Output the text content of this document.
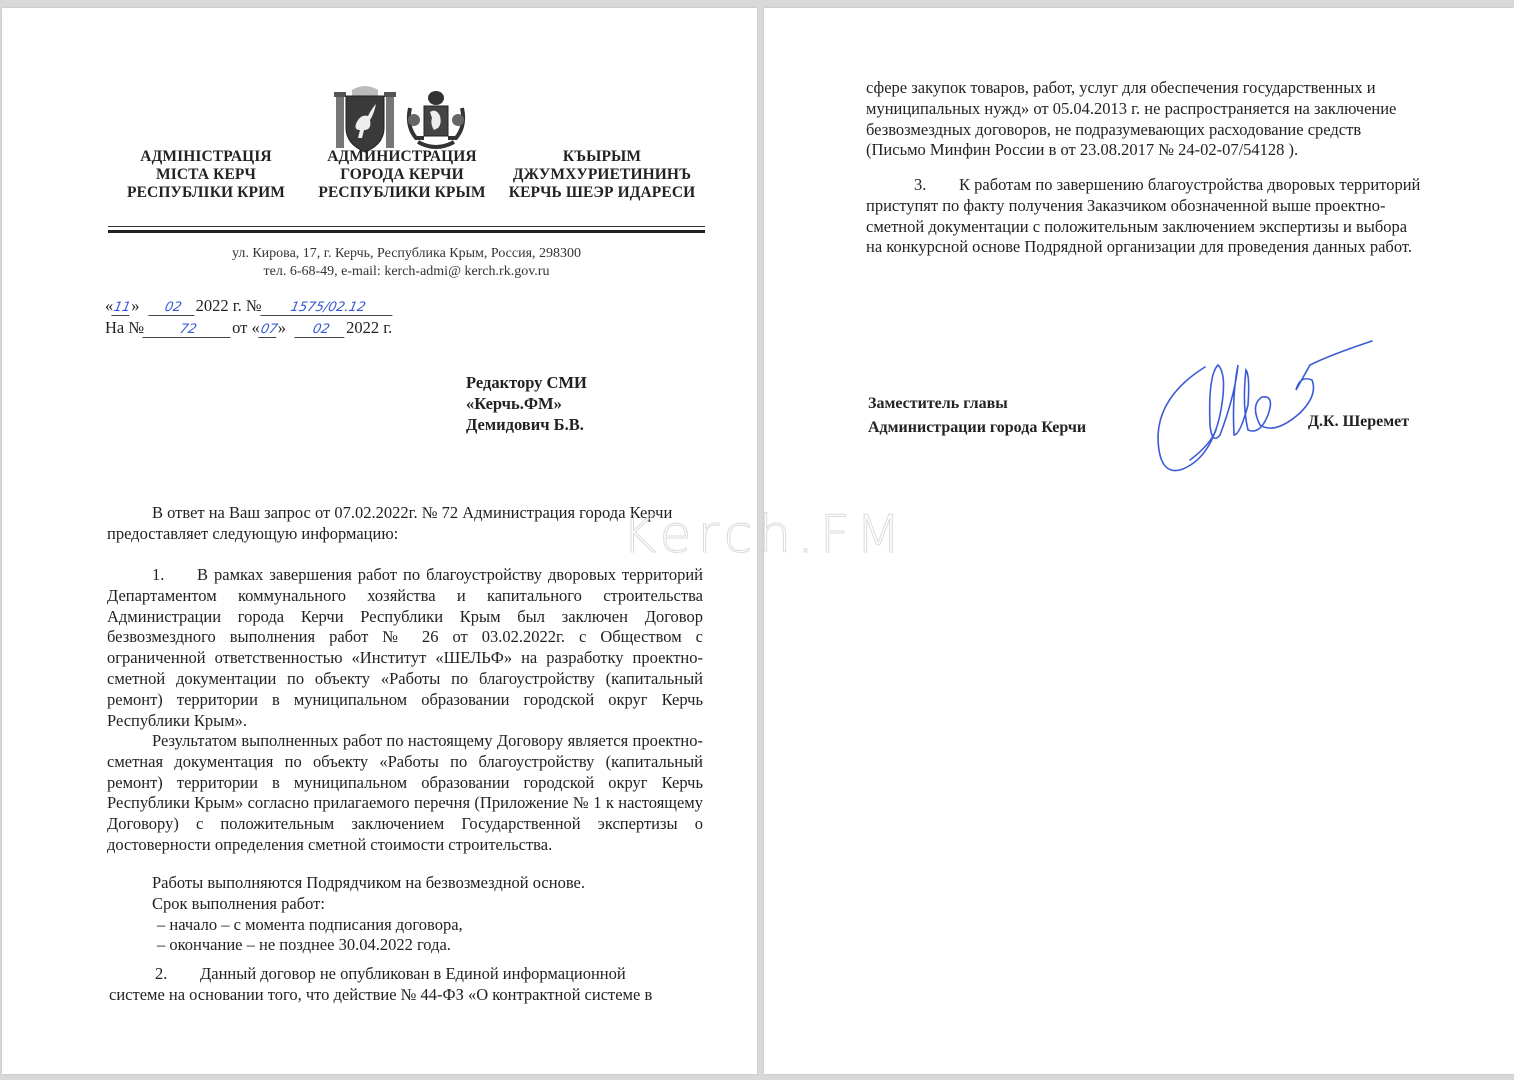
АДМІНІСТРАЦІЯ
МІСТА КЕРЧ
РЕСПУБЛІКИ КРИМ
АДМИНИСТРАЦИЯ
ГОРОДА КЕРЧИ
РЕСПУБЛИКИ КРЫМ
КЪЫРЫМ
ДЖУМХУРИЕТИНИНЪ
КЕРЧЬ ШЕЭР ИДАРЕСИ
ул. Кирова, 17, г. Керчь, Республика Крым, Россия, 298300
тел. 6-68-49, e-mail: kerch-admi@ kerch.rk.gov.ru
«11» 02 2022 г. № 1575/02.12
На №	72 от «07» 02 2022 г.
Редактору СМИ
«Керчь.ФМ»
Демидович Б.В.

В ответ на Ваш запрос от 07.02.2022г. № 72 Администрация города Керчи предоставляет следующую информацию:

1. В рамках завершения работ по благоустройству дворовых территорий Департаментом коммунального хозяйства и капитального строительства Администрации города Керчи Республики Крым был заключен Договор безвозмездного выполнения работ № 26 от 03.02.2022г. с Обществом с ограниченной ответственностью «Институт «ШЕЛЬФ» на разработку проектно-сметной документации по объекту «Работы по благоустройству (капитальный ремонт) территории в муниципальном образовании городской округ Керчь Республики Крым».

Результатом выполненных работ по настоящему Договору является проектно-сметная документация по объекту «Работы по благоустройству (капитальный ремонт) территории в муниципальном образовании городской округ Керчь Республики Крым» согласно прилагаемого перечня (Приложение № 1 к настоящему Договору) с положительным заключением Государственной экспертизы о достоверности определения сметной стоимости строительства.

Работы выполняются Подрядчиком на безвозмездной основе.
Срок выполнения работ:
– начало – с момента подписания договора,
– окончание – не позднее 30.04.2022 года.
2. Данный договор не опубликован в Единой информационной
системе на основании того, что действие № 44-ФЗ «О контрактной системе в
сфере закупок товаров, работ, услуг для обеспечения государственных и
муниципальных нужд» от 05.04.2013 г. не распространяется на заключение
безвозмездных договоров, не подразумевающих расходование средств
(Письмо Минфин России в от 23.08.2017 № 24-02-07/54128 ).
3. К работам по завершению благоустройства дворовых территорий
приступят по факту получения Заказчиком обозначенной выше проектно-
сметной документации с положительным заключением экспертизы и выбора
на конкурсной основе Подрядной организации для проведения данных работ.
Заместитель главы
Администрации города Керчи	Д.К. Шеремет
Kerch.FM
